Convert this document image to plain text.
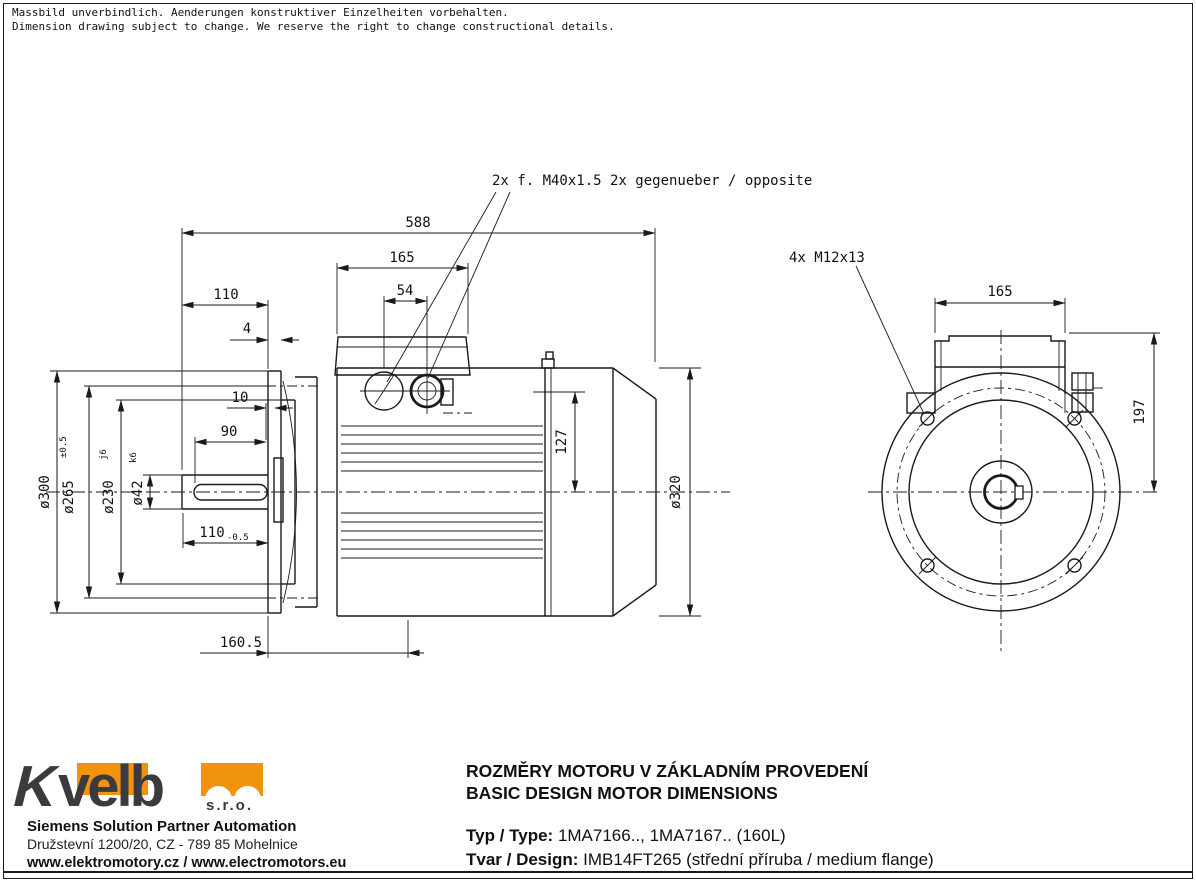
Massbild unverbindlich. Aenderungen konstruktiver Einzelheiten vorbehalten.
Dimension drawing subject to change. We reserve the right to change constructional details.
2x f. M40x1.5 2x gegenueber / opposite
588
165
54
110
4
10
90
110 -0.5
160.5
127
ø320
ø300 ø265
±0.5
ø230
j6
ø42
k6
165
197
4x M12x13
K
velb	s.r.o.
Siemens Solution Partner Automation
Družstevní 1200/20, CZ - 789 85 Mohelnice
www.elektromotory.cz / www.electromotors.eu
ROZMĚRY MOTORU V ZÁKLADNÍM PROVEDENÍ
BASIC DESIGN MOTOR DIMENSIONS
Typ / Type: 1MA7166.., 1MA7167.. (160L)
Tvar / Design: IMB14FT265 (střední příruba / medium flange)
